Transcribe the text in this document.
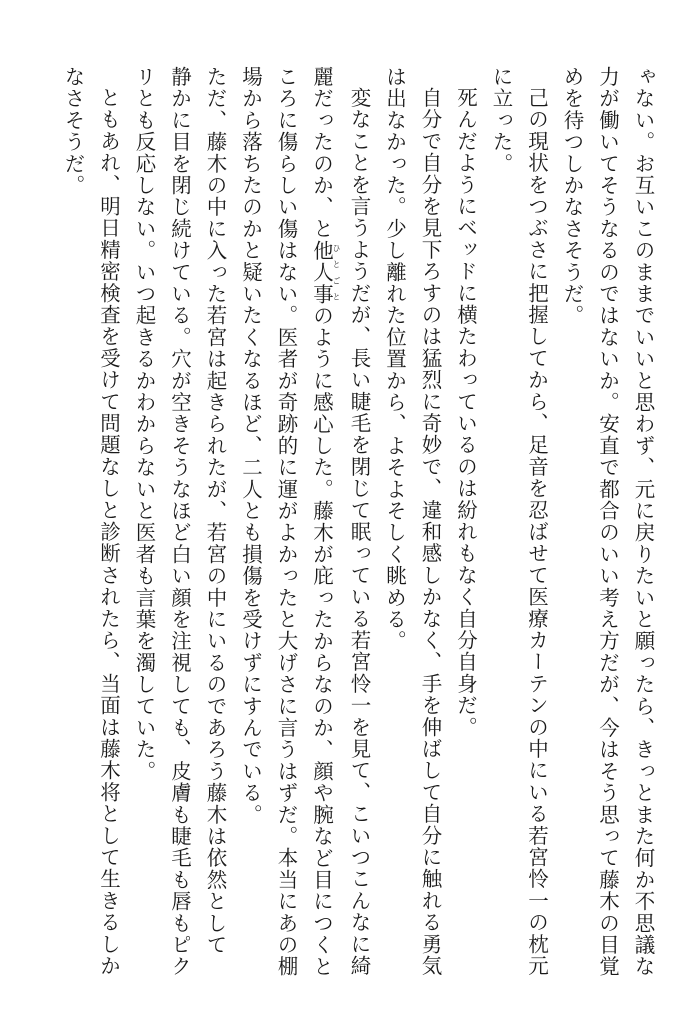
ゃない。お互いこのままでいいと思わず、元に戻りたいと願ったら、きっとまた何か不思議な
力が働いてそうなるのではないか。安直で都合のいい考え方だが、今はそう思って藤木の目覚
めを待つしかなさそうだ。
己の現状をつぶさに把握してから、足音を忍ばせて医療カーテンの中にいる若宮怜一の枕元
に立った。
死んだようにベッドに横たわっているのは紛れもなく自分自身だ。
自分で自分を見下ろすのは猛烈に奇妙で、違和感しかなく、手を伸ばして自分に触れる勇気
は出なかった。少し離れた位置から、よそよそしく眺める。
変なことを言うようだが、長い睫毛を閉じて眠っている若宮怜一を見て、こいつこんなに綺
麗だったのか、と他人事ひとごとのように感心した。藤木が庇ったからなのか、顔や腕など目につくと
ころに傷らしい傷はない。医者が奇跡的に運がよかったと大げさに言うはずだ。本当にあの棚
場から落ちたのかと疑いたくなるほど、二人とも損傷を受けずにすんでいる。
ただ、藤木の中に入った若宮は起きられたが、若宮の中にいるのであろう藤木は依然として
静かに目を閉じ続けている。穴が空きそうなほど白い顔を注視しても、皮膚も睫毛も唇もピク
リとも反応しない。いつ起きるかわからないと医者も言葉を濁していた。
ともあれ、明日精密検査を受けて問題なしと診断されたら、当面は藤木将として生きるしか
なさそうだ。
